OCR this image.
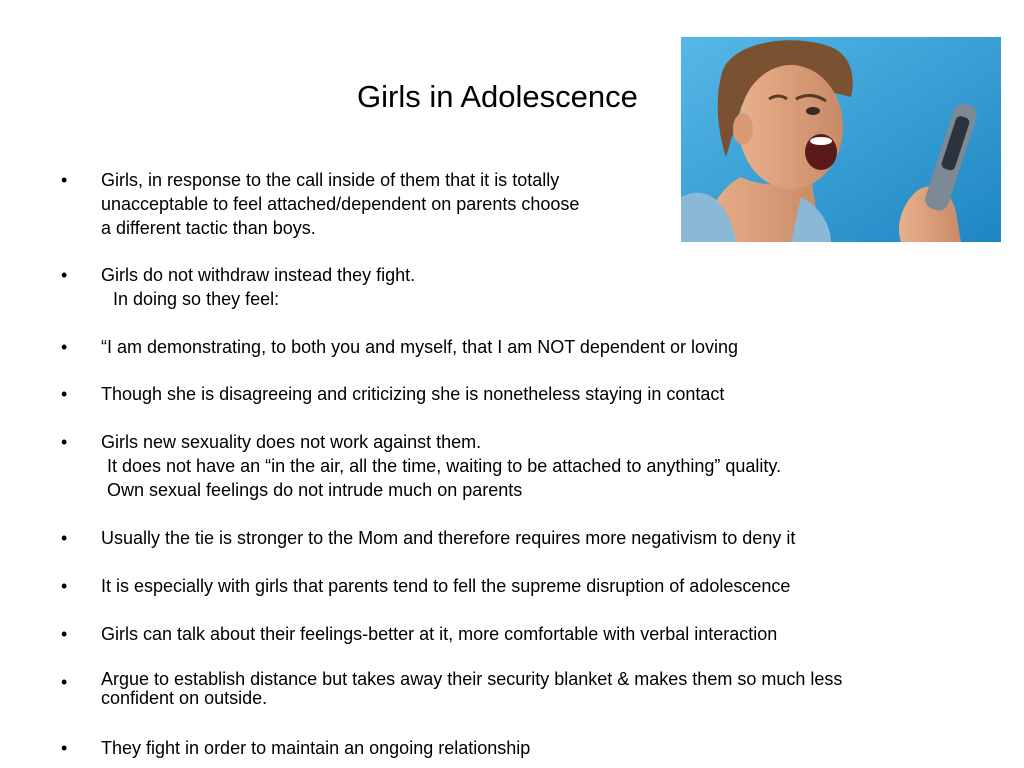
Girls in Adolescence
•	Girls, in response to the call inside of them that it is totally
unacceptable to feel attached/dependent on parents choose
a different tactic than boys.
•	Girls do not withdraw instead they fight.
In doing so they feel:
•	“I am demonstrating, to both you and myself, that I am NOT dependent or loving
•	Though she is disagreeing and criticizing she is nonetheless staying in contact
•	Girls new sexuality does not work against them.
It does not have an “in the air, all the time, waiting to be attached to anything” quality.
Own sexual feelings do not intrude much on parents
•	Usually the tie is stronger to the Mom and therefore requires more negativism to deny it
•	It is especially with girls that parents tend to fell the supreme disruption of adolescence
•	Girls can talk about their feelings-better at it, more comfortable with verbal interaction
•	Argue to establish distance but takes away their security blanket & makes them so much less
confident on outside.
•	They fight in order to maintain an ongoing relationship
